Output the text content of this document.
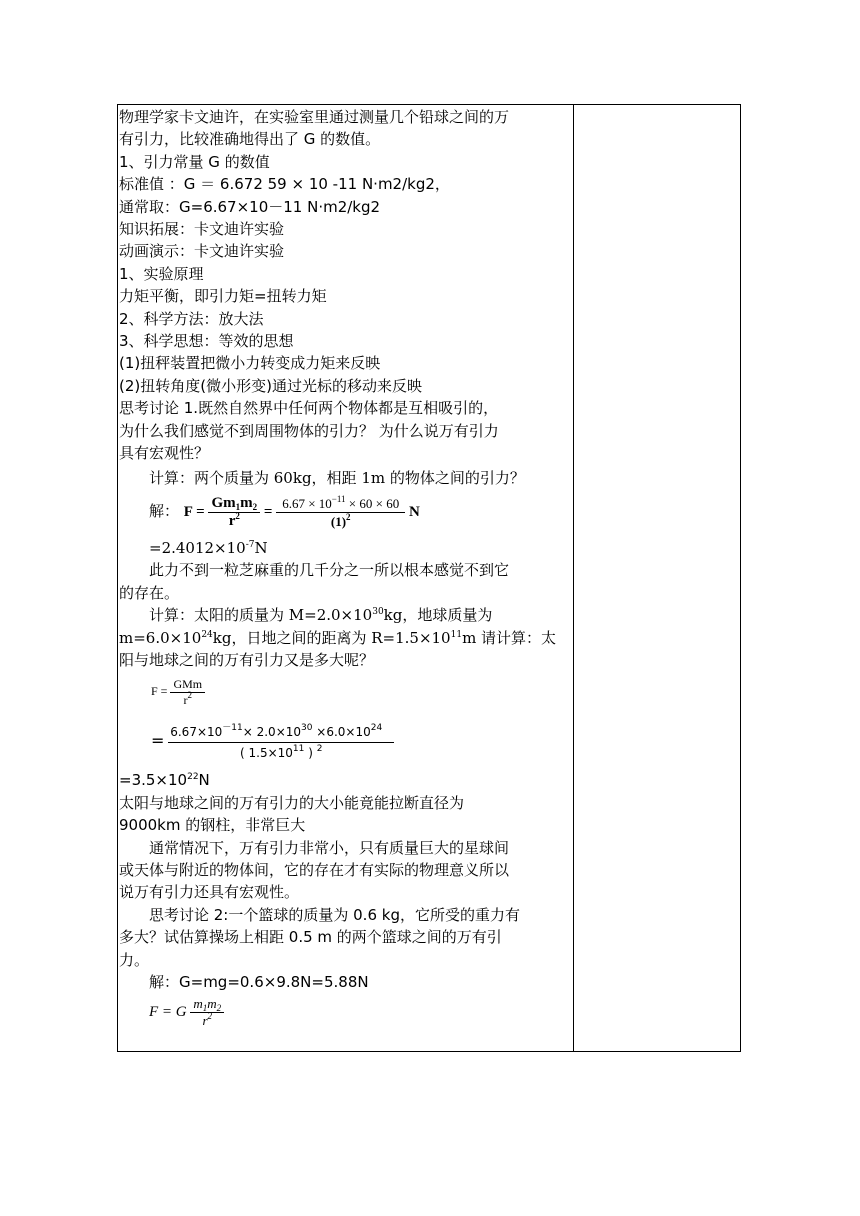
物理学家卡文迪许，在实验室里通过测量几个铅球之间的万
有引力，比较准确地得出了 G 的数值。
1、引力常量 G 的数值
标准值 ：G ＝ 6.672 59 × 10 -11 N·m2/kg2，
通常取：G=6.67×10－11 N·m2/kg2
知识拓展：卡文迪许实验
动画演示：卡文迪许实验
1、实验原理
力矩平衡，即引力矩=扭转力矩
2、科学方法：放大法
3、科学思想：等效的思想
(1)扭秤装置把微小力转变成力矩来反映
(2)扭转角度(微小形变)通过光标的移动来反映
思考讨论 1.既然自然界中任何两个物体都是互相吸引的，
为什么我们感觉不到周围物体的引力？ 为什么说万有引力
具有宏观性？
计算：两个质量为 60kg，相距 1m 的物体之间的引力？
解： $F = \frac{Gm_1m_2}{r^2} = \frac{6.67 \times 10^{-11} \times 60 \times 60}{(1)^2}$ N
$=2.4012\times 10^{-7}N$
此力不到一粒芝麻重的几千分之一所以根本感觉不到它
的存在。
计算：太阳的质量为 $M=2.0\times 10^{30}kg$，地球质量为
$m=6.0\times 10^{24}kg$，日地之间的距离为 $R=1.5\times 10^{11}m$ 请计算：太
阳与地球之间的万有引力又是多大呢？
$F = \frac{\text{GMm}}{r^2}$
= $\frac{6.67\times 10^{-11}\times 2.0\times 10^{30} \times 6.0\times 10^{24}}{( 1.5\times 10^{11} ) ^2}$
$=3.5\times 10^{22}N$
太阳与地球之间的万有引力的大小能竟能拉断直径为
9000km 的钢柱，非常巨大
通常情况下，万有引力非常小，只有质量巨大的星球间
或天体与附近的物体间，它的存在才有实际的物理意义所以
说万有引力还具有宏观性。
思考讨论 2:一个篮球的质量为 0.6 kg，它所受的重力有
多大？试估算操场上相距 0.5 m 的两个篮球之间的万有引
力。
解：G=mg=0.6×9.8N=5.88N
F = G $\frac{m_1m_2}{r^2}$
